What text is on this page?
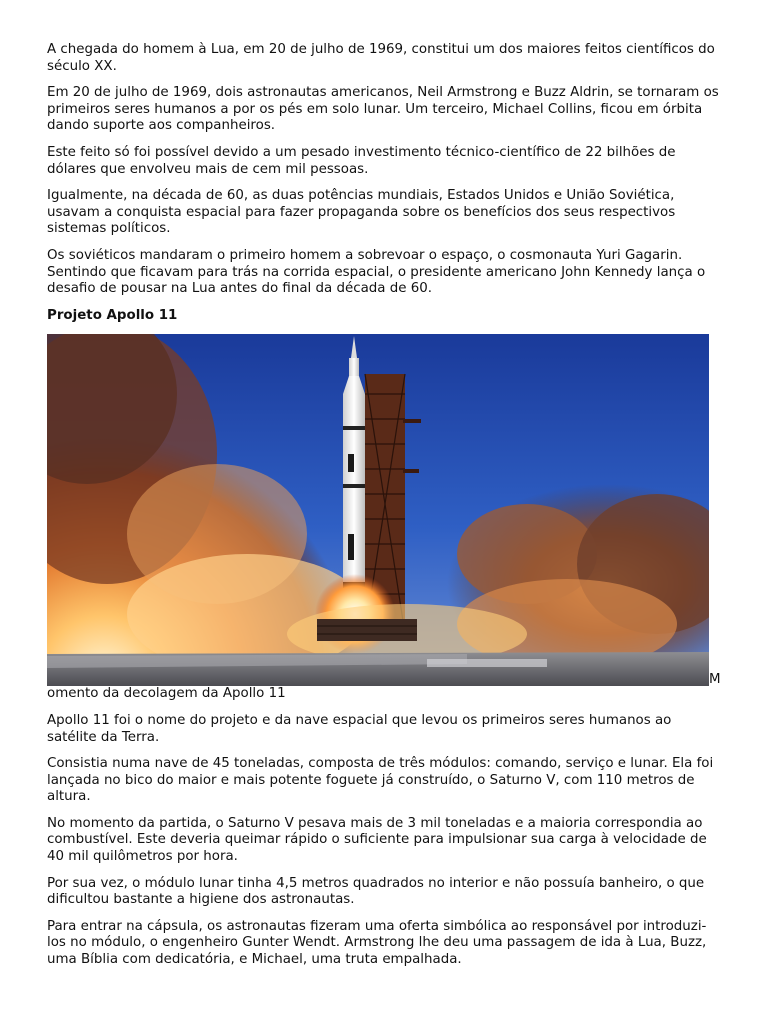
A chegada do homem à Lua, em 20 de julho de 1969, constitui um dos maiores feitos científicos do século XX.

Em 20 de julho de 1969, dois astronautas americanos, Neil Armstrong e Buzz Aldrin, se tornaram os primeiros seres humanos a por os pés em solo lunar. Um terceiro, Michael Collins, ficou em órbita dando suporte aos companheiros.

Este feito só foi possível devido a um pesado investimento técnico-científico de 22 bilhões de dólares que envolveu mais de cem mil pessoas.

Igualmente, na década de 60, as duas potências mundiais, Estados Unidos e União Soviética, usavam a conquista espacial para fazer propaganda sobre os benefícios dos seus respectivos sistemas políticos.

Os soviéticos mandaram o primeiro homem a sobrevoar o espaço, o cosmonauta Yuri Gagarin. Sentindo que ficavam para trás na corrida espacial, o presidente americano John Kennedy lança o desafio de pousar na Lua antes do final da década de 60.

Projeto Apollo 11

M

omento da decolagem da Apollo 11

Apollo 11 foi o nome do projeto e da nave espacial que levou os primeiros seres humanos ao satélite da Terra.

Consistia numa nave de 45 toneladas, composta de três módulos: comando, serviço e lunar. Ela foi lançada no bico do maior e mais potente foguete já construído, o Saturno V, com 110 metros de altura.

No momento da partida, o Saturno V pesava mais de 3 mil toneladas e a maioria correspondia ao combustível. Este deveria queimar rápido o suficiente para impulsionar sua carga à velocidade de 40 mil quilômetros por hora.

Por sua vez, o módulo lunar tinha 4,5 metros quadrados no interior e não possuía banheiro, o que dificultou bastante a higiene dos astronautas.

Para entrar na cápsula, os astronautas fizeram uma oferta simbólica ao responsável por introduzi-los no módulo, o engenheiro Gunter Wendt. Armstrong lhe deu uma passagem de ida à Lua, Buzz, uma Bíblia com dedicatória, e Michael, uma truta empalhada.
